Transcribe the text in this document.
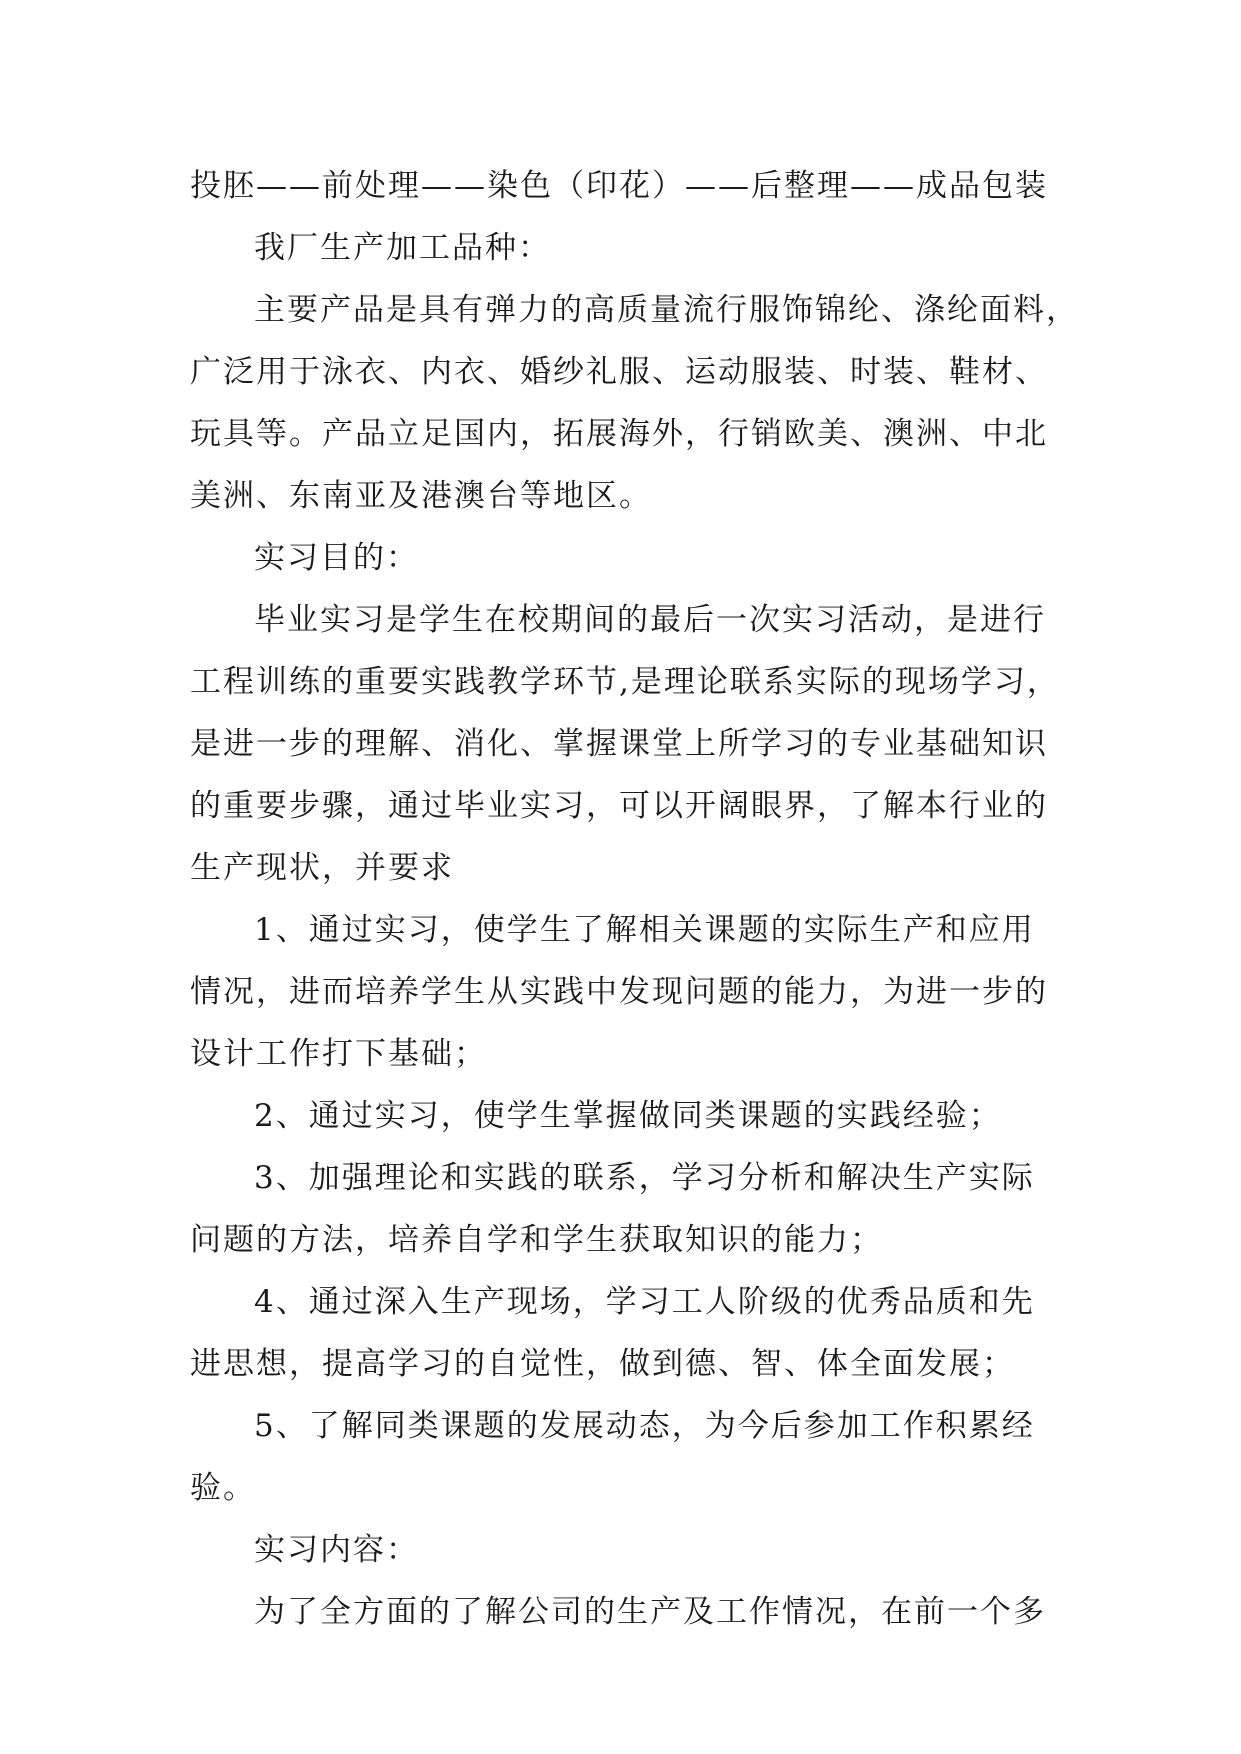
投胚——前处理——染色（印花）——后整理——成品包装
我厂生产加工品种：
主要产品是具有弹力的高质量流行服饰锦纶、涤纶面料，
广泛用于泳衣、内衣、婚纱礼服、运动服装、时装、鞋材、
玩具等。产品立足国内，拓展海外，行销欧美、澳洲、中北
美洲、东南亚及港澳台等地区。
实习目的：
毕业实习是学生在校期间的最后一次实习活动，是进行
工程训练的重要实践教学环节,是理论联系实际的现场学习，
是进一步的理解、消化、掌握课堂上所学习的专业基础知识
的重要步骤，通过毕业实习，可以开阔眼界，了解本行业的
生产现状，并要求
1、通过实习，使学生了解相关课题的实际生产和应用
情况，进而培养学生从实践中发现问题的能力，为进一步的
设计工作打下基础；
2、通过实习，使学生掌握做同类课题的实践经验；
3、加强理论和实践的联系，学习分析和解决生产实际
问题的方法，培养自学和学生获取知识的能力；
4、通过深入生产现场，学习工人阶级的优秀品质和先
进思想，提高学习的自觉性，做到德、智、体全面发展；
5、了解同类课题的发展动态，为今后参加工作积累经
验。
实习内容：
为了全方面的了解公司的生产及工作情况，在前一个多
